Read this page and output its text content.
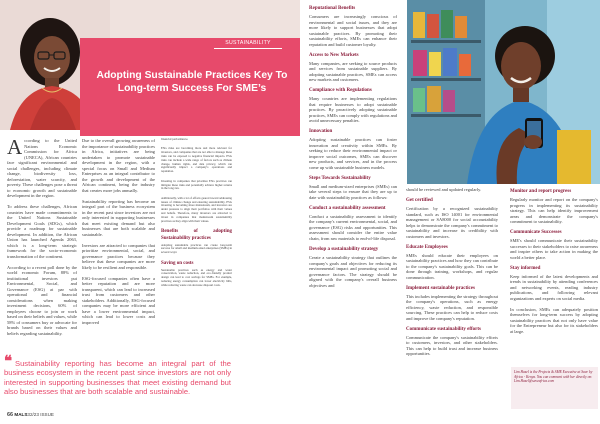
SUSTAINABILITY
Adopting Sustainable Practices Key To Long-term Success For SME’s
By Lim Hazel

According to the United Nations Economic Commission for Africa (UNECA), African countries face significant environmental and social challenges, including climate change, biodiversity loss, deforestation, water scarcity, and poverty. These challenges pose a threat to economic growth and sustainable development in the region.

To address these challenges, African countries have made commitments to the United Nations Sustainable Development Goals (SDGs), which provide a roadmap for sustainable development. In addition, the African Union has launched Agenda 2063, which is a long-term strategic framework for the socio-economic transformation of the continent.

According to a recent poll done by the world economic Forum, 88% of institutional investors put Environmental, Social, and Governance (ESG) at par with operational and financial considerations when making investment decisions, 60% of employees choose to join or work based on their beliefs and values, while 58% of consumers buy or advocate for brands based on their values and beliefs regarding sustainability.

Due to the overall growing awareness of the importance of sustainability practices in Africa, initiatives are being undertaken to promote sustainable development in the region, with a special focus on Small and Medium Enterprises as an integral contributor to the growth and development of the African continent, being the industry that creates more jobs annually.

Sustainability reporting has become an integral part of the business ecosystem in the recent past since investors are not only interested in supporting businesses that meet existing demand but also businesses that are both scalable and sustainable.

Investors are attracted to companies that prioritize environmental, social, and governance practices because they believe that these companies are more likely to be resilient and responsible.

ESG-focused companies often have a better reputation and are more transparent, which can lead to increased trust from customers and other stakeholders. Additionally, ESG-focused companies may be more efficient and have a lower environmental impact, which can lead to lower costs and improved

financial performance.

ESG risks are becoming more and more relevant for investors, and companies that are not able to manage these risks can be exposed to negative financial impacts. ESG risks can include a wide range of factors such as climate change, human rights, and data privacy, which can significantly impact a company's operations and reputation.

Investing in companies that prioritize ESG practices can mitigate these risks and potentially achieve higher returns in the long run.

Additionally, with a lot of efforts geared toward addressing issues of climate change and ensuring sustainability, ESG investing is becoming more mainstream, and investors are under pressure to align their portfolios with their values and beliefs. Therefore, many investors are attracted to invest in companies that mainstream sustainability practices as they align with their values.

Benefits of adopting Sustainability practices

Adopting sustainable practices can create long-term success for small and medium-sized enterprises (SMEs) in several ways:

Saving on costs

Sustainable practices such as energy and water conservation, waste reduction, and eco-friendly product design can lead to cost savings for SMEs. For example, reducing energy consumption can lower electricity bills, while reducing waste can decrease disposal costs.

❝ Sustainability reporting has become an integral part of the business ecosystem in the recent past since investors are not only interested in supporting businesses that meet existing demand but also businesses that are both scalable and sustainable.
66 MALS32/23 ISSUE
Reputational Benefits

Consumers are increasingly conscious of environmental and social issues, and they are more likely to support businesses that adopt sustainable practices. By promoting their sustainability efforts, SMEs can enhance their reputation and build customer loyalty.

Access to New Markets

Many companies, are seeking to source products and services from sustainable suppliers. By adopting sustainable practices, SMEs can access new markets and customers.

Compliance with Regulations

Many countries are implementing regulations that require businesses to adopt sustainable practices. By proactively adopting sustainable practices, SMEs can comply with regulations and avoid unnecessary penalties.

Innovation

Adopting sustainable practices can foster innovation and creativity within SMEs. By seeking to reduce their environmental impact or improve social outcomes, SMEs can discover new products, and services, and in the process come up with sustainable business models.

Steps Towards Sustainability

Small and medium-sized enterprises (SMEs) can take several steps to ensure that they are up to date with sustainability practices as follows:

Conduct a sustainability assessment

Conduct a sustainability assessment to identify the company's current environmental, social, and governance (ESG) risks and opportunities. This assessment should consider the entire value chain, from raw materials to end-of-life disposal.

Develop a sustainability strategy

Create a sustainability strategy that outlines the company's goals and objectives for reducing its environmental impact and promoting social and governance factors. The strategy should be aligned with the company's overall business objectives and

should be reviewed and updated regularly.

Get certified

Certification by a recognized sustainability standard, such as ISO 14001 for environmental management or SA8000 for social accountability helps to demonstrate the company's commitment to sustainability and increase its credibility with customers and investors.

Educate Employees

SMEs should educate their employees on sustainability practices and how they can contribute to the company's sustainability goals. This can be done through training, workshops, and regular communication.

Implement sustainable practices

This includes implementing the strategy throughout the company's operations, such as energy efficiency, waste reduction, and responsible sourcing. These practices can help to reduce costs and improve the company's reputation.

Communicate sustainability efforts

Communicate the company's sustainability efforts to customers, investors, and other stakeholders. This can help to build trust and increase business opportunities.

Monitor and report progress

Regularly monitor and report on the company's progress in implementing its sustainability strategy. This can help identify improvement areas and demonstrate the company's commitment to sustainability.

Communicate Successes

SME's should communicate their sustainability successes to their stakeholders to raise awareness and inspire others to take action in making the world a better place.

Stay informed

Keep informed of the latest developments and trends in sustainability by attending conferences and networking events, reading industry publications, and following relevant organizations and experts on social media.

In conclusion, SMEs can adequately position themselves for long-term success by adopting sustainability practices that not only have value for the Entrepreneur but also for its stakeholders at large.

Lim Hazel is the Projects & SME Executive at Save by Africa - Kenya. You can comment with her directly on: Lim.Hazel@saveafrica.com
